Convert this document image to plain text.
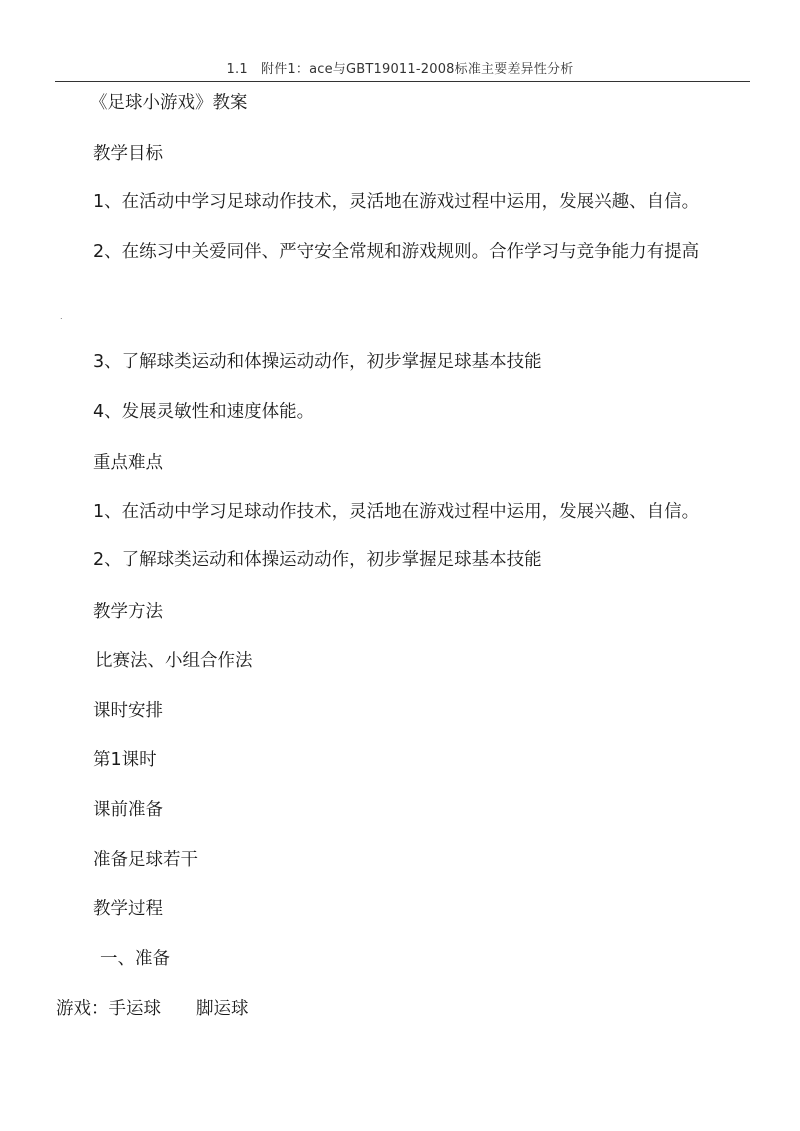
1.1　附件1：ace与GBT19011-2008标准主要差异性分析
《足球小游戏》教案
教学目标
1、在活动中学习足球动作技术，灵活地在游戏过程中运用，发展兴趣、自信。
2、在练习中关爱同伴、严守安全常规和游戏规则。合作学习与竞争能力有提高
.
3、了解球类运动和体操运动动作，初步掌握足球基本技能
4、发展灵敏性和速度体能。
重点难点
1、在活动中学习足球动作技术，灵活地在游戏过程中运用，发展兴趣、自信。
2、了解球类运动和体操运动动作，初步掌握足球基本技能
教学方法
比赛法、小组合作法
课时安排
第1课时
课前准备
准备足球若干
教学过程
一、准备
游戏：手运球　　脚运球
